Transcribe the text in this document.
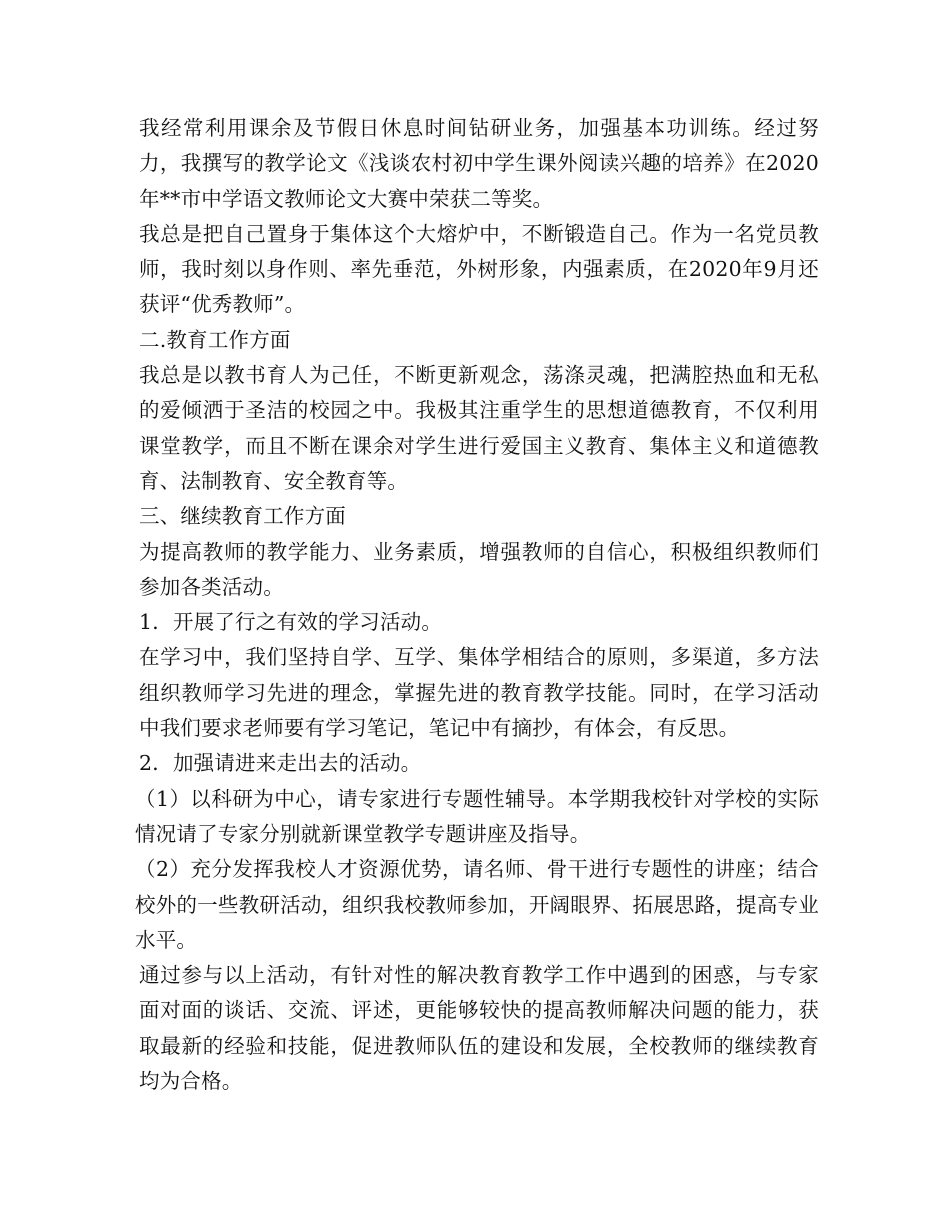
我经常利用课余及节假日休息时间钻研业务，加强基本功训练。经过努力，我撰写的教学论文《浅谈农村初中学生课外阅读兴趣的培养》在2020年**市中学语文教师论文大赛中荣获二等奖。

我总是把自己置身于集体这个大熔炉中，不断锻造自己。作为一名党员教师，我时刻以身作则、率先垂范，外树形象，内强素质，在2020年9月还获评“优秀教师”。

二.教育工作方面

我总是以教书育人为己任，不断更新观念，荡涤灵魂，把满腔热血和无私的爱倾洒于圣洁的校园之中。我极其注重学生的思想道德教育，不仅利用课堂教学，而且不断在课余对学生进行爱国主义教育、集体主义和道德教育、法制教育、安全教育等。

三、继续教育工作方面

为提高教师的教学能力、业务素质，增强教师的自信心，积极组织教师们参加各类活动。

1．开展了行之有效的学习活动。

在学习中，我们坚持自学、互学、集体学相结合的原则，多渠道，多方法组织教师学习先进的理念，掌握先进的教育教学技能。同时，在学习活动中我们要求老师要有学习笔记，笔记中有摘抄，有体会，有反思。

2．加强请进来走出去的活动。

（1）以科研为中心，请专家进行专题性辅导。本学期我校针对学校的实际情况请了专家分别就新课堂教学专题讲座及指导。

（2）充分发挥我校人才资源优势，请名师、骨干进行专题性的讲座；结合校外的一些教研活动，组织我校教师参加，开阔眼界、拓展思路，提高专业水平。

通过参与以上活动，有针对性的解决教育教学工作中遇到的困惑，与专家面对面的谈话、交流、评述，更能够较快的提高教师解决问题的能力，获取最新的经验和技能，促进教师队伍的建设和发展，全校教师的继续教育均为合格。
